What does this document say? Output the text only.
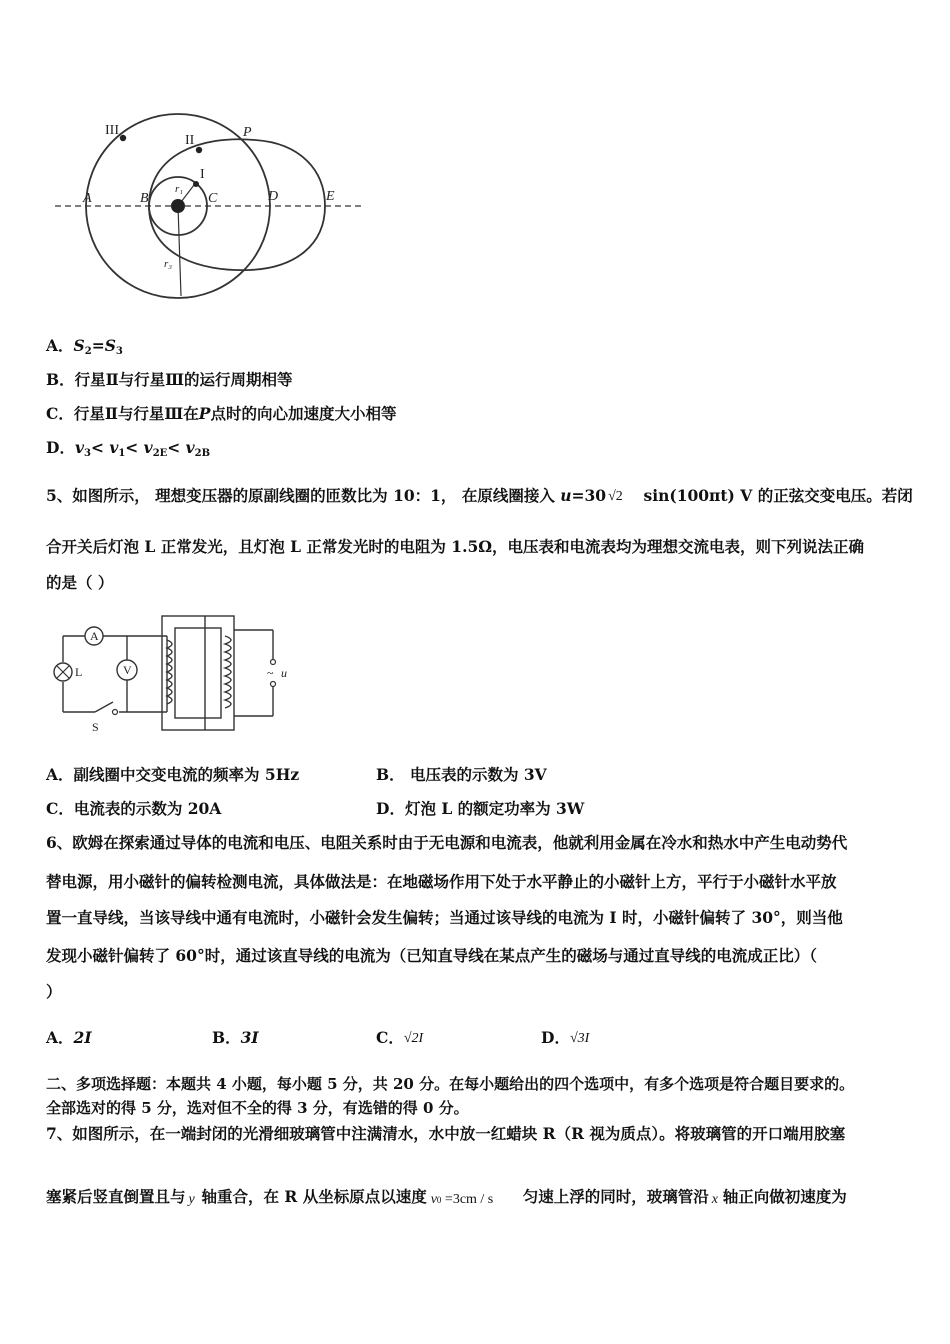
III
II
P
I
r₁
A	B	C	D	E
r₃
A．$S_2=S_3$
B．行星Ⅱ与行星Ⅲ的运行周期相等
C．行星Ⅱ与行星Ⅲ在P点时的向心加速度大小相等
D．$v_3< v_1< v_{2E}< v_{2B}$
5、如图所示， 理想变压器的原副线圈的匝数比为 10：1， 在原线圈接入 u=30 √2 sin(100πt) V 的正弦交变电压。若闭
合开关后灯泡 L 正常发光，且灯泡 L 正常发光时的电阻为 1.5Ω，电压表和电流表均为理想交流电表，则下列说法正确
的是（ ）
A
V
L
S
~ u
A．副线圈中交变电流的频率为 5Hz	B． 电压表的示数为 3V
C．电流表的示数为 20A	D．灯泡 L 的额定功率为 3W
6、欧姆在探索通过导体的电流和电压、电阻关系时由于无电源和电流表，他就利用金属在冷水和热水中产生电动势代
替电源，用小磁针的偏转检测电流，具体做法是：在地磁场作用下处于水平静止的小磁针上方，平行于小磁针水平放
置一直导线，当该导线中通有电流时，小磁针会发生偏转；当通过该导线的电流为 I 时，小磁针偏转了 30°，则当他
发现小磁针偏转了 60°时，通过该直导线的电流为（已知直导线在某点产生的磁场与通过直导线的电流成正比）（
）
A．2I	B．3I	C． √2I	D． √3I
二、多项选择题：本题共 4 小题，每小题 5 分，共 20 分。在每小题给出的四个选项中，有多个选项是符合题目要求的。
全部选对的得 5 分，选对但不全的得 3 分，有选错的得 0 分。
7、如图所示，在一端封闭的光滑细玻璃管中注满清水，水中放一红蜡块 R（R 视为质点）。将玻璃管的开口端用胶塞
塞紧后竖直倒置且与 y 轴重合，在 R 从坐标原点以速度 v0 =3cm / s 匀速上浮的同时，玻璃管沿 x 轴正向做初速度为
